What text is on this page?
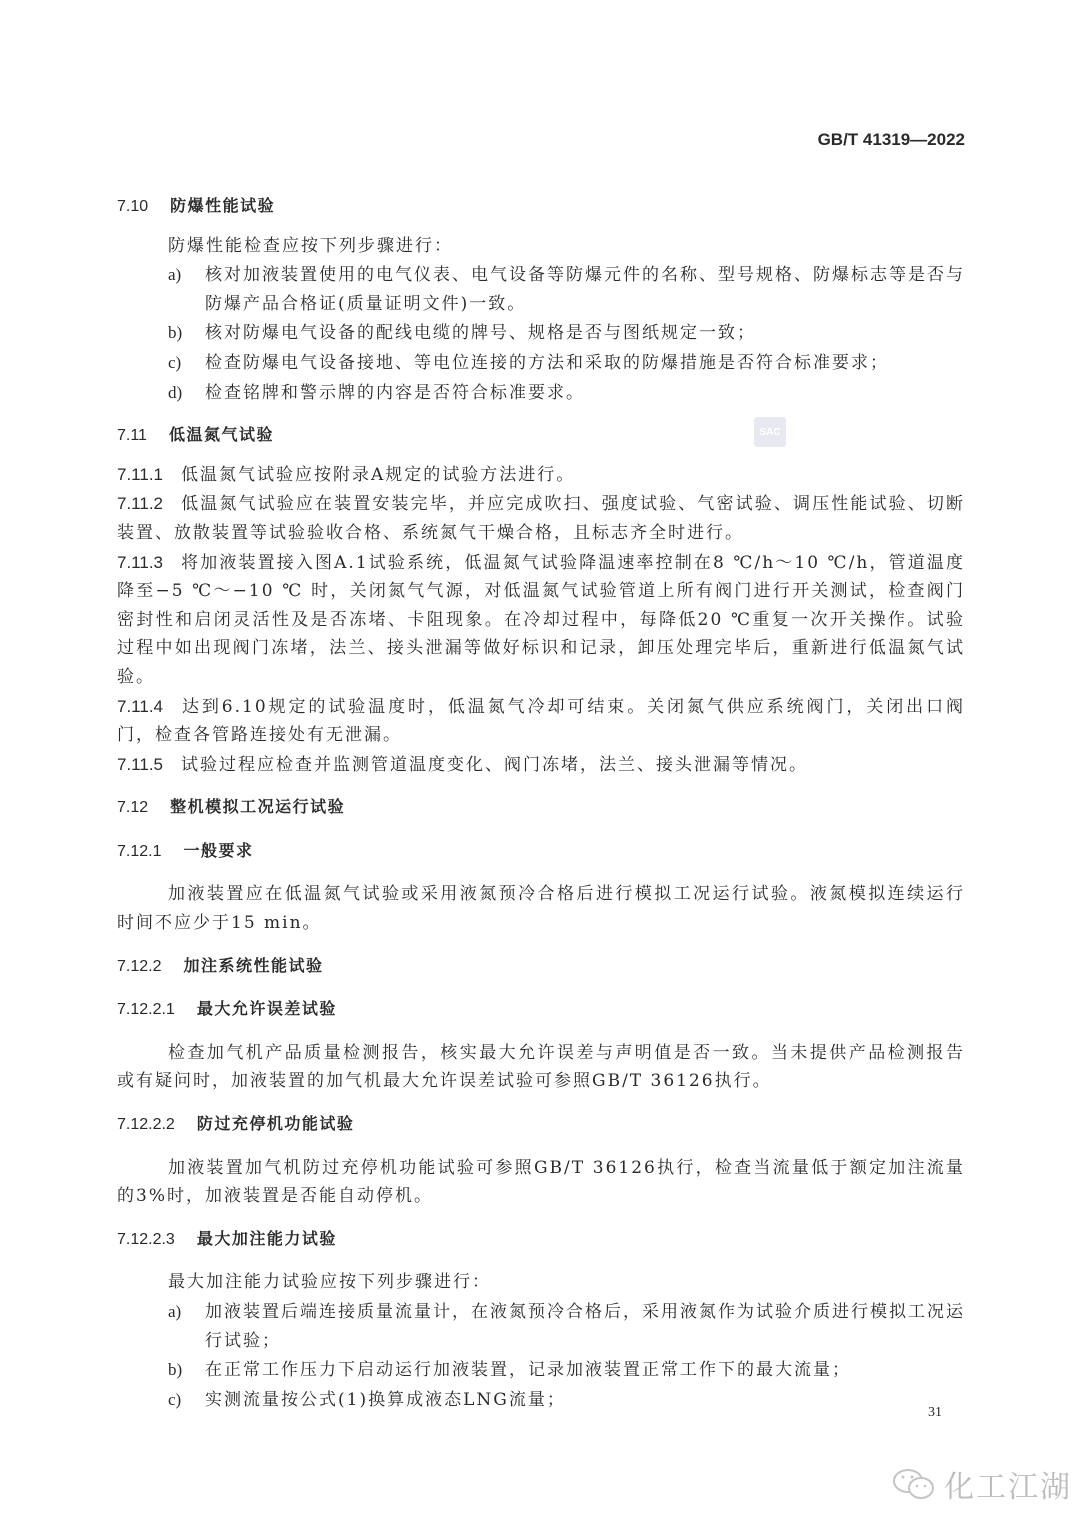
GB/T 41319—2022
SAC
7.10 防爆性能试验
防爆性能检查应按下列步骤进行：
a) 核对加液装置使用的电气仪表、电气设备等防爆元件的名称、型号规格、防爆标志等是否与防爆产品合格证(质量证明文件)一致。
b) 核对防爆电气设备的配线电缆的牌号、规格是否与图纸规定一致；
c) 检查防爆电气设备接地、等电位连接的方法和采取的防爆措施是否符合标准要求；
d) 检查铭牌和警示牌的内容是否符合标准要求。
7.11 低温氮气试验
7.11.1 低温氮气试验应按附录A规定的试验方法进行。
7.11.2 低温氮气试验应在装置安装完毕，并应完成吹扫、强度试验、气密试验、调压性能试验、切断装置、放散装置等试验验收合格、系统氮气干燥合格，且标志齐全时进行。
7.11.3 将加液装置接入图A.1试验系统，低温氮气试验降温速率控制在8 ℃/h～10 ℃/h，管道温度降至−5 ℃～−10 ℃ 时，关闭氮气气源，对低温氮气试验管道上所有阀门进行开关测试，检查阀门密封性和启闭灵活性及是否冻堵、卡阻现象。在冷却过程中，每降低20 ℃重复一次开关操作。试验过程中如出现阀门冻堵，法兰、接头泄漏等做好标识和记录，卸压处理完毕后，重新进行低温氮气试验。
7.11.4 达到6.10规定的试验温度时，低温氮气冷却可结束。关闭氮气供应系统阀门，关闭出口阀门，检查各管路连接处有无泄漏。
7.11.5 试验过程应检查并监测管道温度变化、阀门冻堵，法兰、接头泄漏等情况。
7.12 整机模拟工况运行试验
7.12.1 一般要求
加液装置应在低温氮气试验或采用液氮预冷合格后进行模拟工况运行试验。液氮模拟连续运行时间不应少于15 min。
7.12.2 加注系统性能试验
7.12.2.1 最大允许误差试验
检查加气机产品质量检测报告，核实最大允许误差与声明值是否一致。当未提供产品检测报告或有疑问时，加液装置的加气机最大允许误差试验可参照GB/T 36126执行。
7.12.2.2 防过充停机功能试验
加液装置加气机防过充停机功能试验可参照GB/T 36126执行，检查当流量低于额定加注流量的3%时，加液装置是否能自动停机。
7.12.2.3 最大加注能力试验
最大加注能力试验应按下列步骤进行：
a) 加液装置后端连接质量流量计，在液氮预冷合格后，采用液氮作为试验介质进行模拟工况运行试验；
b) 在正常工作压力下启动运行加液装置，记录加液装置正常工作下的最大流量；
c) 实测流量按公式(1)换算成液态LNG流量；
31
化工江湖
